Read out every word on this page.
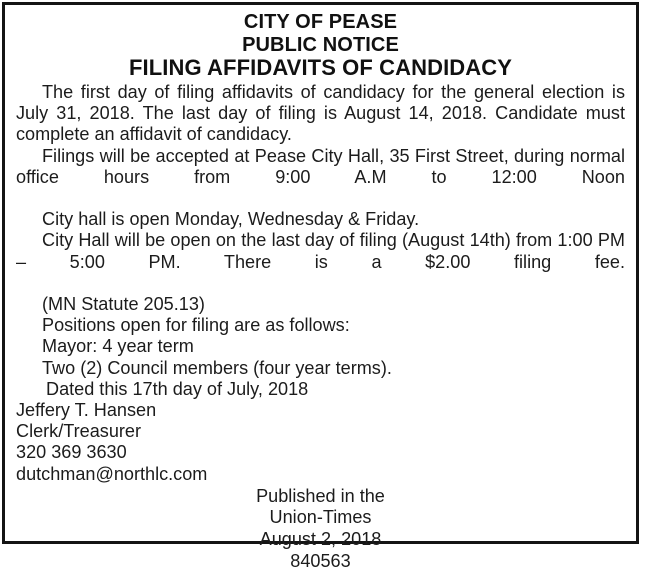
CITY OF PEASE
PUBLIC NOTICE
FILING AFFIDAVITS OF CANDIDACY

The first day of filing affidavits of candidacy for the general election is July 31, 2018. The last day of filing is August 14, 2018. Candidate must complete an affidavit of candidacy.

Filings will be accepted at Pease City Hall, 35 First Street, during normal office hours from 9:00 A.M to 12:00 Noon

City hall is open Monday, Wednesday & Friday.

City Hall will be open on the last day of filing (August 14th) from 1:00 PM – 5:00 PM. There is a $2.00 filing fee.

(MN Statute 205.13)

Positions open for filing are as follows:

Mayor: 4 year term

Two (2) Council members (four year terms).

Dated this 17th day of July, 2018

Jeffery T. Hansen

Clerk/Treasurer

320 369 3630

dutchman@northlc.com

Published in the

Union-Times

August 2, 2018

840563
